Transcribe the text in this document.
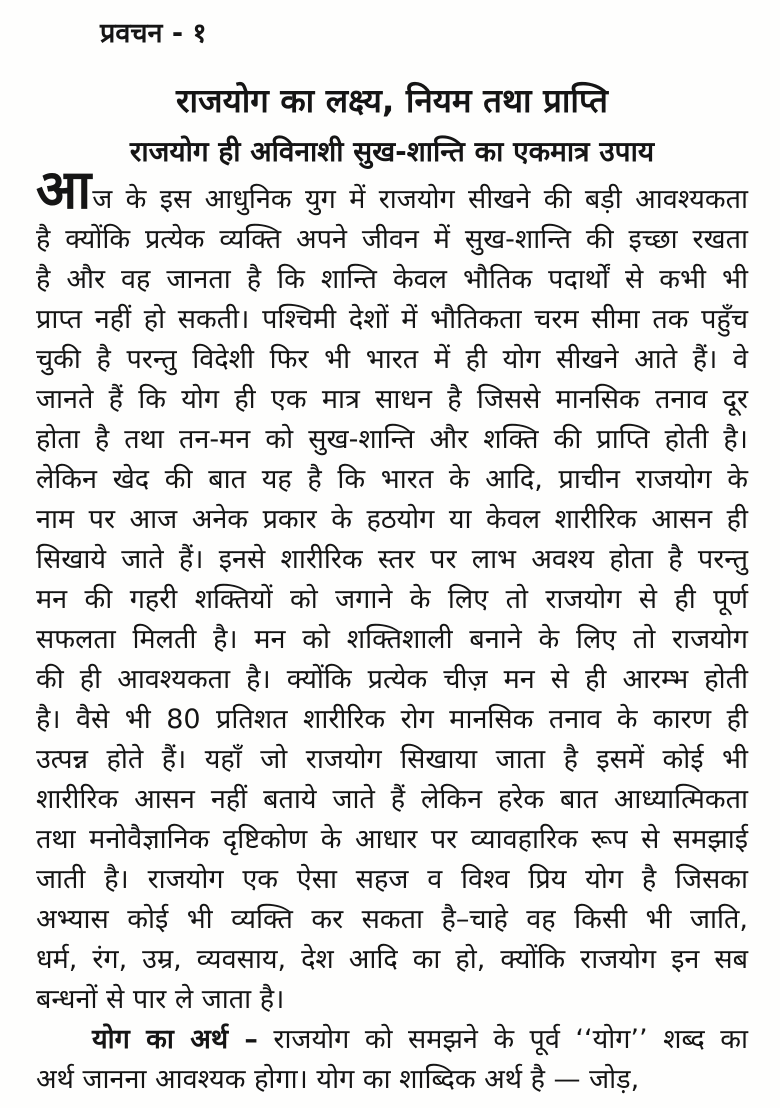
प्रवचन - १
राजयोग का लक्ष्य, नियम तथा प्राप्ति
राजयोग ही अविनाशी सुख-शान्ति का एकमात्र उपाय
आज के इस आधुनिक युग में राजयोग सीखने की बड़ी आवश्यकता
है क्योंकि प्रत्येक व्यक्ति अपने जीवन में सुख-शान्ति की इच्छा रखता
है और वह जानता है कि शान्ति केवल भौतिक पदार्थों से कभी भी
प्राप्त नहीं हो सकती। पश्चिमी देशों में भौतिकता चरम सीमा तक पहुँच
चुकी है परन्तु विदेशी फिर भी भारत में ही योग सीखने आते हैं। वे
जानते हैं कि योग ही एक मात्र साधन है जिससे मानसिक तनाव दूर
होता है तथा तन-मन को सुख-शान्ति और शक्ति की प्राप्ति होती है।
लेकिन खेद की बात यह है कि भारत के आदि, प्राचीन राजयोग के
नाम पर आज अनेक प्रकार के हठयोग या केवल शारीरिक आसन ही
सिखाये जाते हैं। इनसे शारीरिक स्तर पर लाभ अवश्य होता है परन्तु
मन की गहरी शक्तियों को जगाने के लिए तो राजयोग से ही पूर्ण
सफलता मिलती है। मन को शक्तिशाली बनाने के लिए तो राजयोग
की ही आवश्यकता है। क्योंकि प्रत्येक चीज़ मन से ही आरम्भ होती
है। वैसे भी 80 प्रतिशत शारीरिक रोग मानसिक तनाव के कारण ही
उत्पन्न होते हैं। यहाँ जो राजयोग सिखाया जाता है इसमें कोई भी
शारीरिक आसन नहीं बताये जाते हैं लेकिन हरेक बात आध्यात्मिकता
तथा मनोवैज्ञानिक दृष्टिकोण के आधार पर व्यावहारिक रूप से समझाई
जाती है। राजयोग एक ऐसा सहज व विश्व प्रिय योग है जिसका
अभ्यास कोई भी व्यक्ति कर सकता है–चाहे वह किसी भी जाति,
धर्म, रंग, उम्र, व्यवसाय, देश आदि का हो, क्योंकि राजयोग इन सब
बन्धनों से पार ले जाता है।
योग का अर्थ – राजयोग को समझने के पूर्व ‘‘योग’’ शब्द का
अर्थ जानना आवश्यक होगा। योग का शाब्दिक अर्थ है — जोड़,
